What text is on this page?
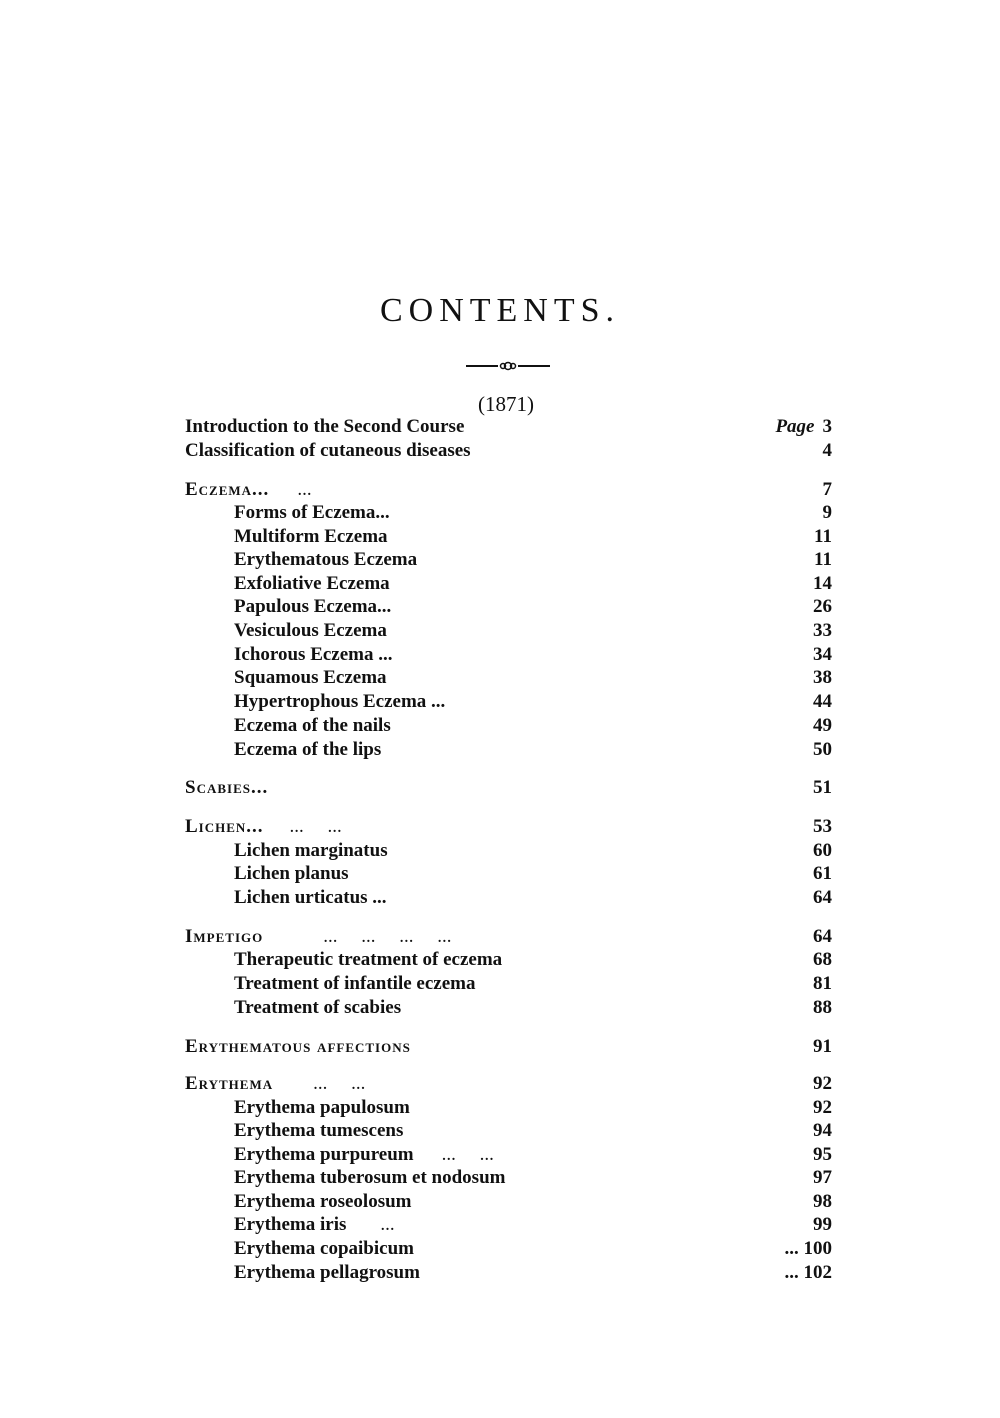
CONTENTS.
(1871)
Introduction to the Second Course	Page 3
Classification of cutaneous diseases	4
Eczema... ...	7
Forms of Eczema...	9
Multiform Eczema	11
Erythematous Eczema	11
Exfoliative Eczema	14
Papulous Eczema...	26
Vesiculous Eczema	33
Ichorous Eczema ...	34
Squamous Eczema	38
Hypertrophous Eczema ...	44
Eczema of the nails	49
Eczema of the lips	50
Scabies...	51
Lichen... ...     ...	53
Lichen marginatus	60
Lichen planus	61
Lichen urticatus ...	64
Impetigo	...     ...     ...     ...	64
Therapeutic treatment of eczema	68
Treatment of infantile eczema	81
Treatment of scabies	88
Erythematous affections	91
Erythema ...     ...	92
Erythema papulosum	92
Erythema tumescens	94
Erythema purpureum ...     ...	95
Erythema tuberosum et nodosum	97
Erythema roseolosum	98
Erythema iris ...	99
Erythema copaibicum	... 100
Erythema pellagrosum	... 102
